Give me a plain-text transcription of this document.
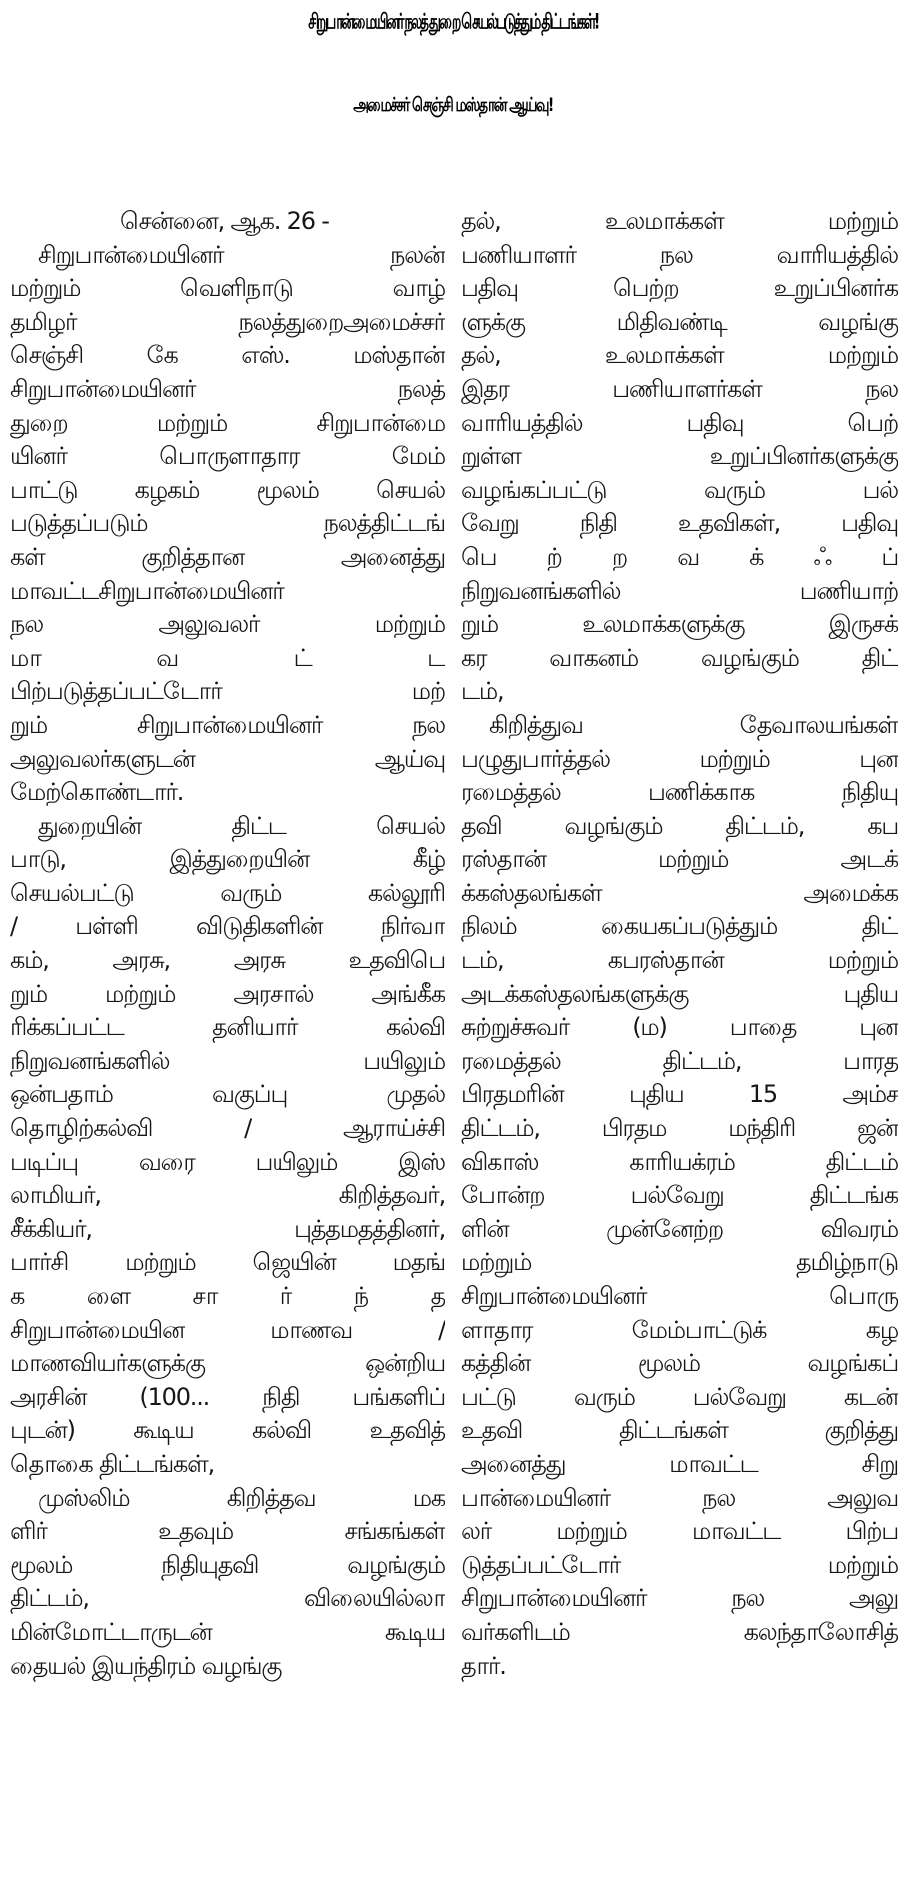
சிறுபான்மையினர் நலத் துறை செயல்படுத்தும் திட்டங்கள்!
அமைச்சர் செஞ்சி மஸ்தான் ஆய்வு!
சென்னை, ஆக. 26 -
சிறுபான்மையினர் நலன்
மற்றும் வெளிநாடு வாழ்
தமிழர் நலத்துறைஅமைச்சர்
செஞ்சி கே எஸ். மஸ்தான்
சிறுபான்மையினர் நலத்
துறை மற்றும் சிறுபான்மை
யினர் பொருளாதார மேம்
பாட்டு கழகம் மூலம் செயல்
படுத்தப்படும் நலத்திட்டங்
கள் குறித்தான அனைத்து
மாவட்டசிறுபான்மையினர்
நல அலுவலர் மற்றும்
மா வ ட் ட
பிற்படுத்தப்பட்டோர் மற்
றும் சிறுபான்மையினர் நல
அலுவலர்களுடன் ஆய்வு
மேற்கொண்டார்.
துறையின் திட்ட செயல்
பாடு, இத்துறையின் கீழ்
செயல்பட்டு வரும் கல்லூரி
/ பள்ளி விடுதிகளின் நிர்வா
கம், அரசு, அரசு உதவிபெ
றும் மற்றும் அரசால் அங்கீக
ரிக்கப்பட்ட தனியார் கல்வி
நிறுவனங்களில் பயிலும்
ஒன்பதாம் வகுப்பு முதல்
தொழிற்கல்வி / ஆராய்ச்சி
படிப்பு வரை பயிலும் இஸ்
லாமியர், கிறித்தவர்,
சீக்கியர், புத்தமதத்தினர்,
பார்சி மற்றும் ஜெயின் மதங்
க ளை சா ர் ந் த
சிறுபான்மையின மாணவ /
மாணவியர்களுக்கு ஒன்றிய
அரசின் (100... நிதி பங்களிப்
புடன்) கூடிய கல்வி உதவித்
தொகை திட்டங்கள்,
முஸ்லிம் கிறித்தவ மக
ளிர் உதவும் சங்கங்கள்
மூலம் நிதியுதவி வழங்கும்
திட்டம், விலையில்லா
மின்மோட்டாருடன் கூடிய
தையல் இயந்திரம் வழங்கு
தல், உலமாக்கள் மற்றும்
பணியாளர் நல வாரியத்தில்
பதிவு பெற்ற உறுப்பினர்க
ளுக்கு மிதிவண்டி வழங்கு
தல், உலமாக்கள் மற்றும்
இதர பணியாளர்கள் நல
வாரியத்தில் பதிவு பெற்
றுள்ள உறுப்பினர்களுக்கு
வழங்கப்பட்டு வரும் பல்
வேறு நிதி உதவிகள், பதிவு
பெ ற் ற வ க் ஃ ப்
நிறுவனங்களில் பணியாற்
றும் உலமாக்களுக்கு இருசக்
கர வாகனம் வழங்கும் திட்
டம்,
கிறித்துவ தேவாலயங்கள்
பழுதுபார்த்தல் மற்றும் புன
ரமைத்தல் பணிக்காக நிதியு
தவி வழங்கும் திட்டம், கப
ரஸ்தான் மற்றும் அடக்
க்கஸ்தலங்கள் அமைக்க
நிலம் கையகப்படுத்தும் திட்
டம், கபரஸ்தான் மற்றும்
அடக்கஸ்தலங்களுக்கு புதிய
சுற்றுச்சுவர் (ம) பாதை புன
ரமைத்தல் திட்டம், பாரத
பிரதமரின் புதிய 15 அம்ச
திட்டம், பிரதம மந்திரி ஜன்
விகாஸ் காரியக்ரம் திட்டம்
போன்ற பல்வேறு திட்டங்க
ளின் முன்னேற்ற விவரம்
மற்றும் தமிழ்நாடு
சிறுபான்மையினர் பொரு
ளாதார மேம்பாட்டுக் கழ
கத்தின் மூலம் வழங்கப்
பட்டு வரும் பல்வேறு கடன்
உதவி திட்டங்கள் குறித்து
அனைத்து மாவட்ட சிறு
பான்மையினர் நல அலுவ
லர் மற்றும் மாவட்ட பிற்ப
டுத்தப்பட்டோர் மற்றும்
சிறுபான்மையினர் நல அலு
வர்களிடம் கலந்தாலோசித்
தார்.
